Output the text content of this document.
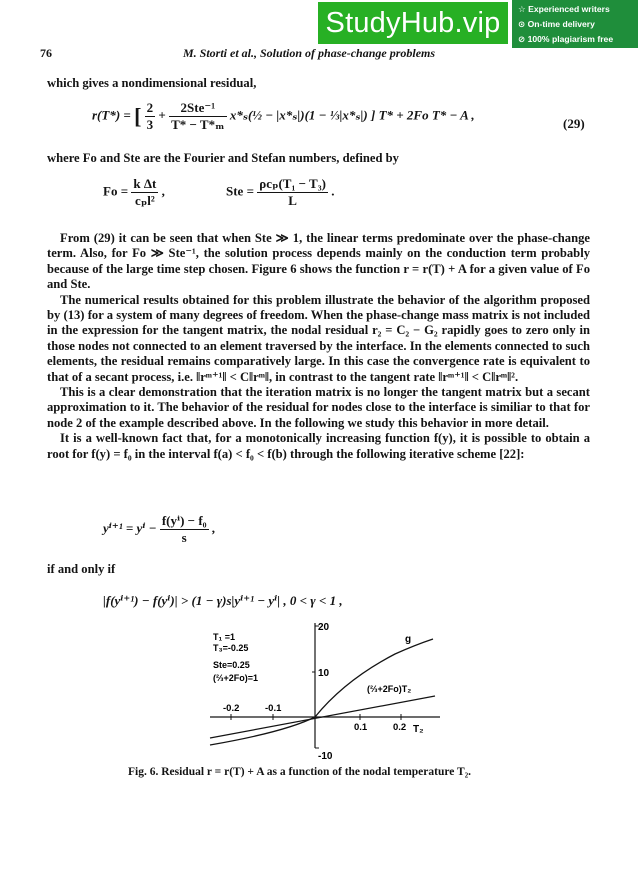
StudyHub.vip	☆ Experienced writers
⊙ On-time delivery
⊘ 100% plagiarism free
76	M. Storti et al., Solution of phase-change problems
which gives a nondimensional residual,
r(T*) = [ $\frac{2}{3} + \frac{\text{2Ste⁻¹}}{\text{T* − T*ₘ}}$ x*ₛ(½ − |x*ₛ|)(1 − ⅓|x*ₛ|) ] T* + 2Fo T* − A ,
(29)
where Fo and Ste are the Fourier and Stefan numbers, defined by
$Fo = \frac{\text{k Δt}}{\text{cₚl²}}$ ,	Ste = $\frac{\text{ρcₚ(T₁ − T₃)}}{L}$ .

From (29) it can be seen that when Ste ≫ 1, the linear terms predominate over the phase-change term. Also, for Fo ≫ Ste⁻¹, the solution process depends mainly on the conduction term probably because of the large time step chosen. Figure 6 shows the function r = r(T) + A for a given value of Fo and Ste.

The numerical results obtained for this problem illustrate the behavior of the algorithm proposed by (13) for a system of many degrees of freedom. When the phase-change mass matrix is not included in the expression for the tangent matrix, the nodal residual r₂ = C₂ − G₂ rapidly goes to zero only in those nodes not connected to an element traversed by the interface. In the elements connected to such elements, the residual remains comparatively large. In this case the convergence rate is equivalent to that of a secant process, i.e. ‖rᵐ⁺¹‖ < C‖rᵐ‖, in contrast to the tangent rate ‖rᵐ⁺¹‖ < C‖rᵐ‖².

This is a clear demonstration that the iteration matrix is no longer the tangent matrix but a secant approximation to it. The behavior of the residual for nodes close to the interface is similiar to that for node 2 of the example described above. In the following we study this behavior in more detail.

It is a well-known fact that, for a monotonically increasing function f(y), it is possible to obtain a root for f(y) = f₀ in the interval f(a) < f₀ < f(b) through the following iterative scheme [22]:

$y^{i+1} = y^i - \frac{\text{f(yⁱ) − f₀}}{s}$ ,
if and only if
|f(yⁱ⁺¹) − f(yⁱ)| > (1 − γ)s|yⁱ⁺¹ − yⁱ| , 0 < γ < 1 ,
20
10
-10
-0.2	-0.1
0.1	0.2 T₂
T₁ =1
T₃=-0.25
Ste=0.25
(⅔+2Fo)=1
g
(⅔+2Fo)T₂
Fig. 6. Residual r = r(T) + A as a function of the nodal temperature T₂.
